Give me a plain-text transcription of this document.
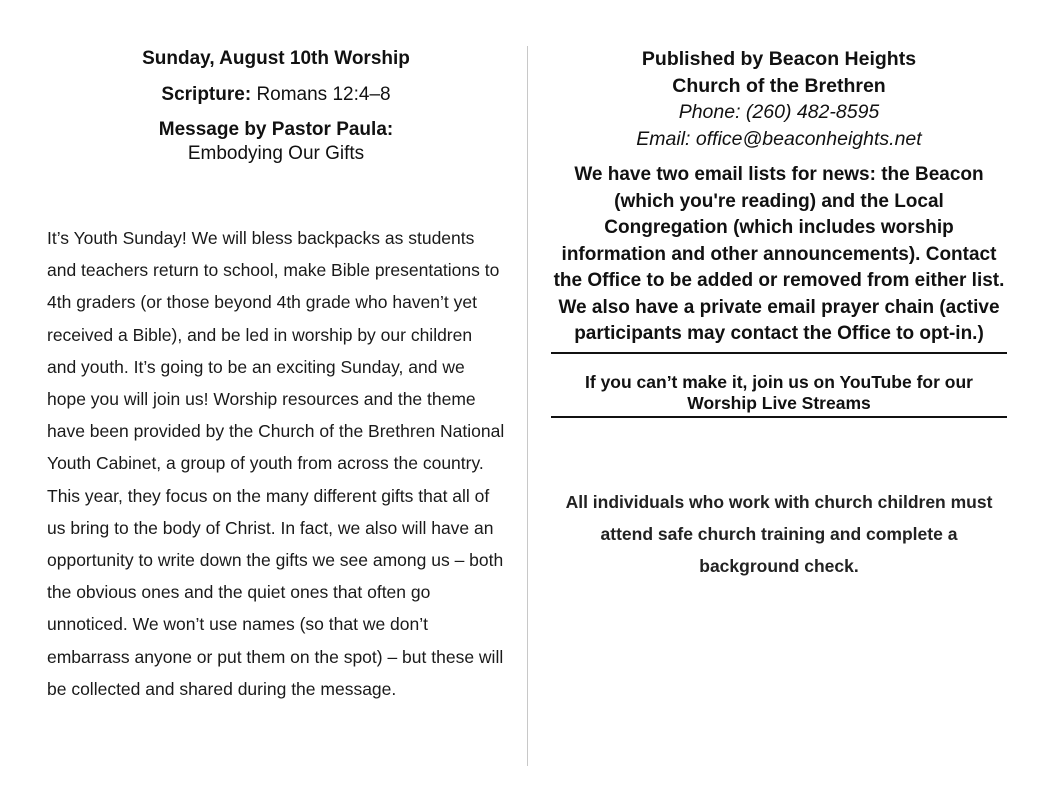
Sunday, August 10th Worship

Scripture: Romans 12:4–8

Message by Pastor Paula:

Embodying Our Gifts

It’s Youth Sunday! We will bless backpacks as students and teachers return to school, make Bible presentations to 4th graders (or those beyond 4th grade who haven’t yet received a Bible), and be led in worship by our children and youth. It’s going to be an exciting Sunday, and we hope you will join us! Worship resources and the theme have been provided by the Church of the Brethren National Youth Cabinet, a group of youth from across the country. This year, they focus on the many different gifts that all of us bring to the body of Christ. In fact, we also will have an opportunity to write down the gifts we see among us – both the obvious ones and the quiet ones that often go unnoticed. We won’t use names (so that we don’t embarrass anyone or put them on the spot) – but these will be collected and shared during the message.

Published by Beacon Heights

Church of the Brethren

Phone: (260) 482-8595

Email: office@beaconheights.net

We have two email lists for news: the Beacon (which you're reading) and the Local Congregation (which includes worship information and other announcements). Contact the Office to be added or removed from either list. We also have a private email prayer chain (active participants may contact the Office to opt-in.)

If you can’t make it, join us on YouTube for our
Worship Live Streams

All individuals who work with church children must attend safe church training and complete a background check.
